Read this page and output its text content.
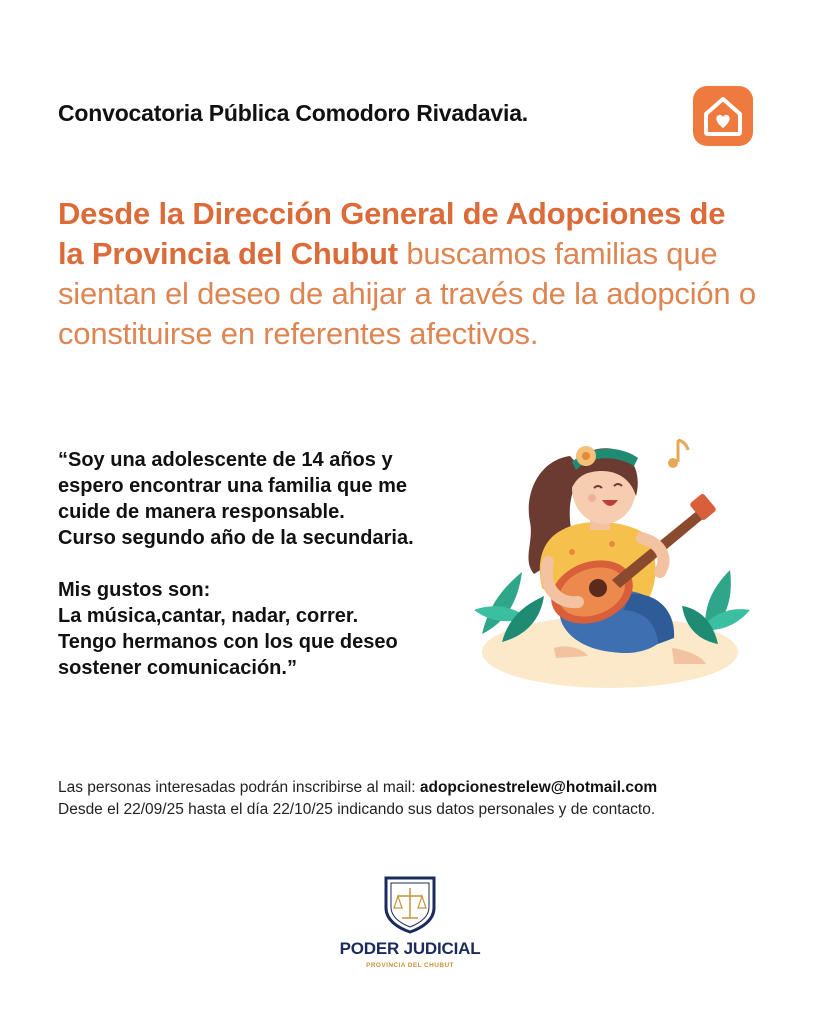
Convocatoria Pública Comodoro Rivadavia.
Desde la Dirección General de Adopciones de la Provincia del Chubut buscamos familias que sientan el deseo de ahijar a través de la adopción o constituirse en referentes afectivos.

“Soy una adolescente de 14 años y

espero encontrar una familia que me

cuide de manera responsable.

Curso segundo año de la secundaria.

Mis gustos son:

La música,cantar, nadar, correr.

Tengo hermanos con los que deseo

sostener comunicación.”

Las personas interesadas podrán inscribirse al mail: adopcionestrelew@hotmail.com
Desde el 22/09/25 hasta el día 22/10/25 indicando sus datos personales y de contacto.
PODER JUDICIAL
PROVINCIA DEL CHUBUT
